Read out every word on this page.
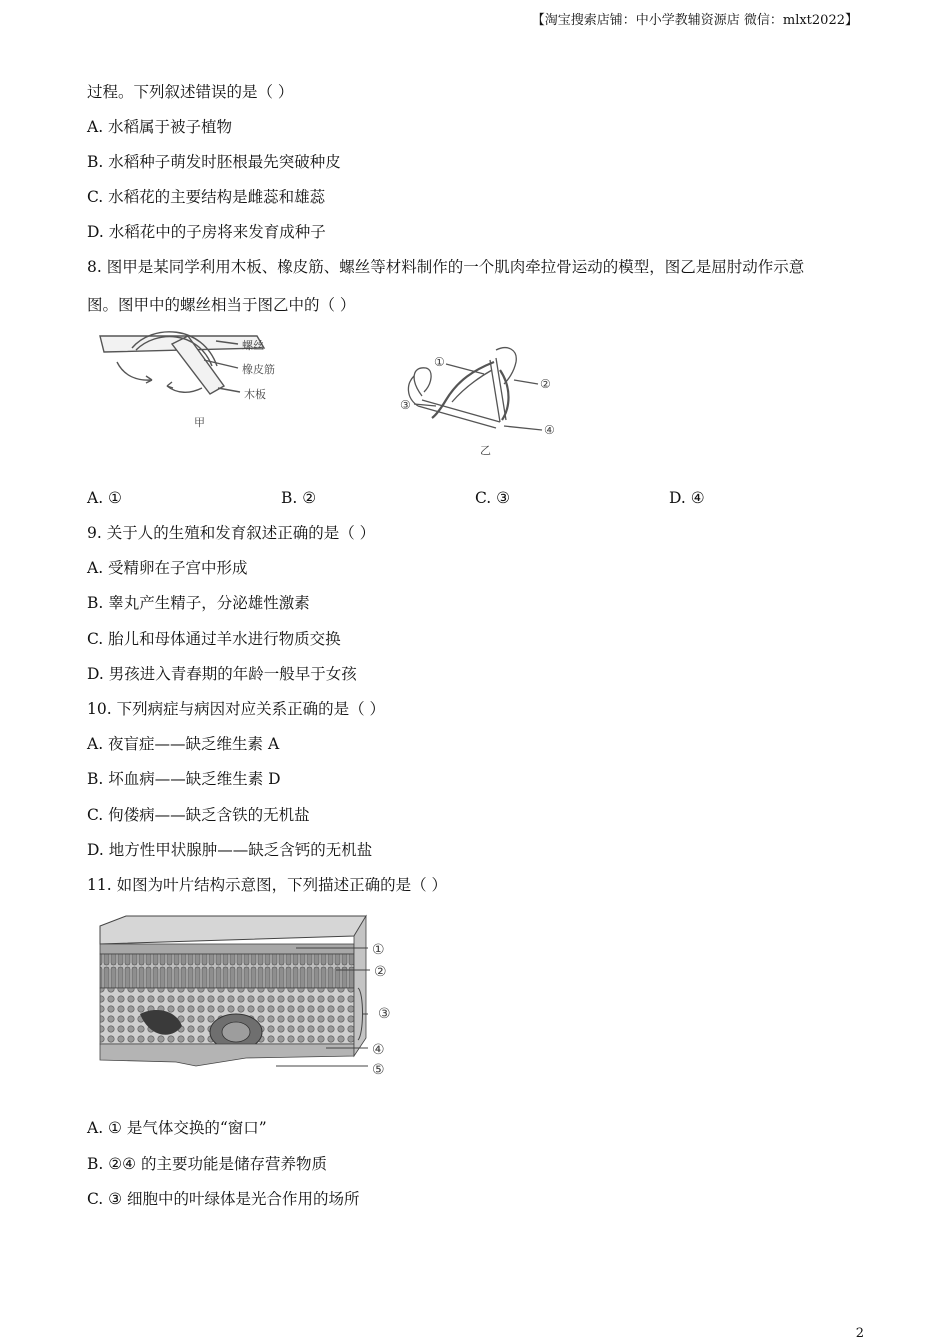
【淘宝搜索店铺：中小学教辅资源店 微信：mlxt2022】
过程。下列叙述错误的是（ ）
A. 水稻属于被子植物
B. 水稻种子萌发时胚根最先突破种皮
C. 水稻花的主要结构是雌蕊和雄蕊
D. 水稻花中的子房将来发育成种子
8. 图甲是某同学利用木板、橡皮筋、螺丝等材料制作的一个肌肉牵拉骨运动的模型，图乙是屈肘动作示意
图。图甲中的螺丝相当于图乙中的（ ）
螺丝
橡皮筋
木板
甲
①
②
③
④
乙
A. ①	B. ②	C. ③	D. ④
9. 关于人的生殖和发育叙述正确的是（ ）
A. 受精卵在子宫中形成
B. 睾丸产生精子，分泌雄性激素
C. 胎儿和母体通过羊水进行物质交换
D. 男孩进入青春期的年龄一般早于女孩
10. 下列病症与病因对应关系正确的是（ ）
A. 夜盲症——缺乏维生素 A
B. 坏血病——缺乏维生素 D
C. 佝偻病——缺乏含铁的无机盐
D. 地方性甲状腺肿——缺乏含钙的无机盐
11. 如图为叶片结构示意图，下列描述正确的是（ ）
①
②
③
④
⑤
A. ① 是气体交换的“窗口”
B. ②④ 的主要功能是储存营养物质
C. ③ 细胞中的叶绿体是光合作用的场所
2
